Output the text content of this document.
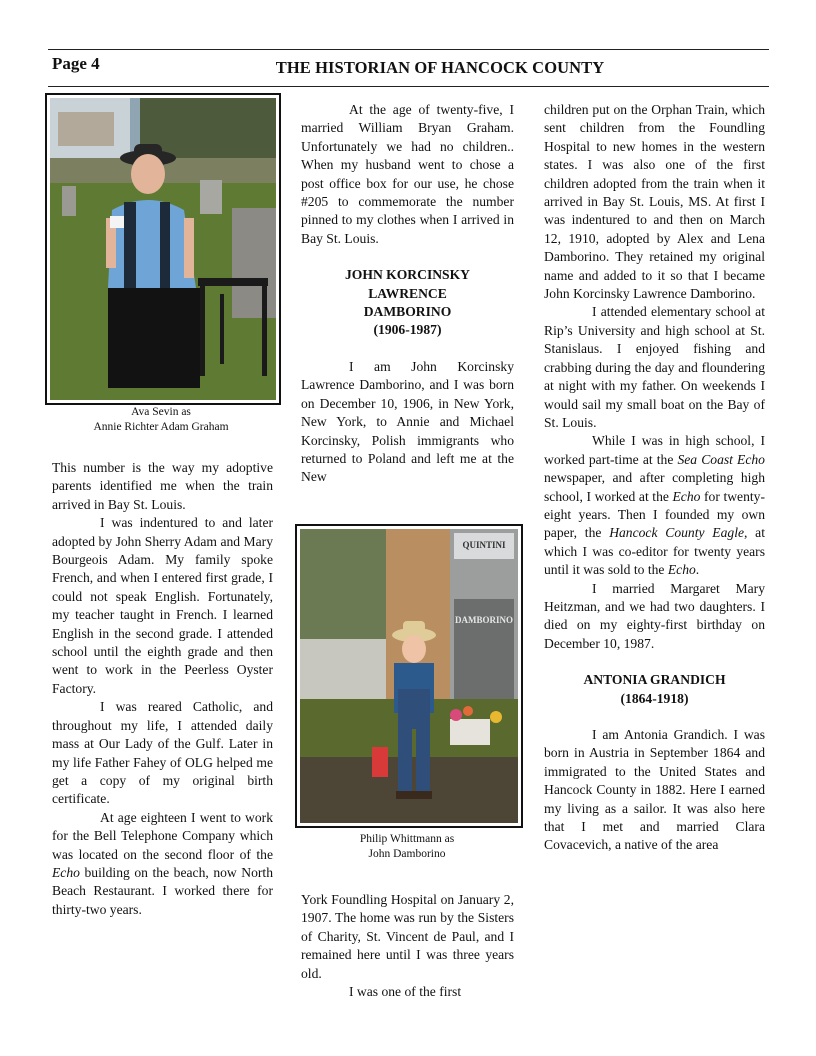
Page 4	THE HISTORIAN OF HANCOCK COUNTY
Ava Sevin as
Annie Richter Adam Graham
QUINTINI
DAMBORINO
Philip Whittmann as
John Damborino

This number is the way my adoptive parents identified me when the train arrived in Bay St. Louis.

I was indentured to and later adopted by John Sherry Adam and Mary Bourgeois Adam. My family spoke French, and when I entered first grade, I could not speak English. Fortunately, my teacher taught in French. I learned English in the second grade. I attended school until the eighth grade and then went to work in the Peerless Oyster Factory.

I was reared Catholic, and throughout my life, I attended daily mass at Our Lady of the Gulf. Later in my life Father Fahey of OLG helped me get a copy of my original birth certificate.

At age eighteen I went to work for the Bell Telephone Company which was located on the second floor of the Echo building on the beach, now North Beach Restaurant. I worked there for thirty-two years.

At the age of twenty-five, I married William Bryan Graham. Unfortunately we had no children.. When my husband went to chose a post office box for our use, he chose #205 to commemorate the number pinned to my clothes when I arrived in Bay St. Louis.

JOHN KORCINSKY
LAWRENCE
DAMBORINO
(1906-1987)

I am John Korcinsky Lawrence Damborino, and I was born on December 10, 1906, in New York, New York, to Annie and Michael Korcinsky, Polish immigrants who returned to Poland and left me at the New

York Foundling Hospital on January 2, 1907. The home was run by the Sisters of Charity, St. Vincent de Paul, and I remained here until I was three years old.

I was one of the first

children put on the Orphan Train, which sent children from the Foundling Hospital to new homes in the western states. I was also one of the first children adopted from the train when it arrived in Bay St. Louis, MS. At first I was indentured to and then on March 12, 1910, adopted by Alex and Lena Damborino. They retained my original name and added to it so that I became John Korcinsky Lawrence Damborino.

I attended elementary school at Rip’s University and high school at St. Stanislaus. I enjoyed fishing and crabbing during the day and floundering at night with my father. On weekends I would sail my small boat on the Bay of St. Louis.

While I was in high school, I worked part-time at the Sea Coast Echo newspaper, and after completing high school, I worked at the Echo for twenty-eight years. Then I founded my own paper, the Hancock County Eagle, at which I was co-editor for twenty years until it was sold to the Echo.

I married Margaret Mary Heitzman, and we had two daughters. I died on my eighty-first birthday on December 10, 1987.

ANTONIA GRANDICH
(1864-1918)

I am Antonia Grandich. I was born in Austria in September 1864 and immigrated to the United States and Hancock County in 1882. Here I earned my living as a sailor. It was also here that I met and married Clara Covacevich, a native of the area
